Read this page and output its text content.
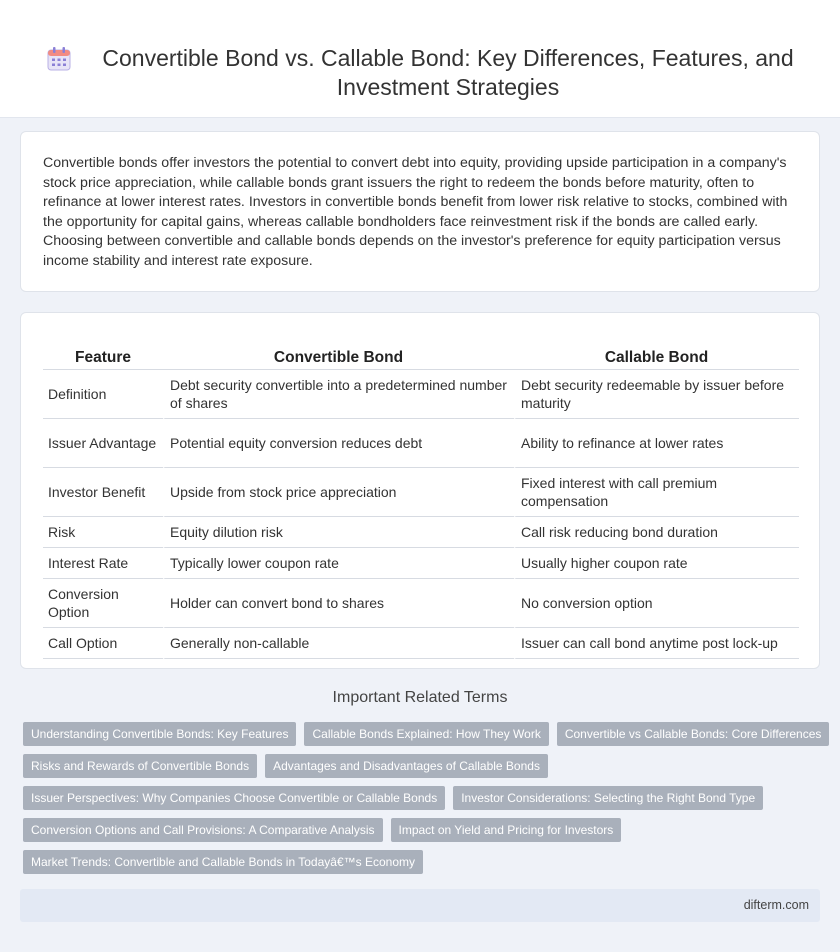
Convertible Bond vs. Callable Bond: Key Differences, Features, and Investment Strategies

Convertible bonds offer investors the potential to convert debt into equity, providing upside participation in a company's stock price appreciation, while callable bonds grant issuers the right to redeem the bonds before maturity, often to refinance at lower interest rates. Investors in convertible bonds benefit from lower risk relative to stocks, combined with the opportunity for capital gains, whereas callable bondholders face reinvestment risk if the bonds are called early. Choosing between convertible and callable bonds depends on the investor's preference for equity participation versus income stability and interest rate exposure.

Feature	Convertible Bond	Callable Bond
Definition	Debt security convertible into a predetermined number of shares	Debt security redeemable by issuer before maturity
Issuer Advantage	Potential equity conversion reduces debt	Ability to refinance at lower rates
Investor Benefit	Upside from stock price appreciation	Fixed interest with call premium compensation
Risk	Equity dilution risk	Call risk reducing bond duration
Interest Rate	Typically lower coupon rate	Usually higher coupon rate
Conversion Option	Holder can convert bond to shares	No conversion option
Call Option	Generally non-callable	Issuer can call bond anytime post lock-up
Important Related Terms
Understanding Convertible Bonds: Key Features	Callable Bonds Explained: How They Work	Convertible vs Callable Bonds: Core Differences
Risks and Rewards of Convertible Bonds	Advantages and Disadvantages of Callable Bonds
Issuer Perspectives: Why Companies Choose Convertible or Callable Bonds	Investor Considerations: Selecting the Right Bond Type
Conversion Options and Call Provisions: A Comparative Analysis	Impact on Yield and Pricing for Investors
Market Trends: Convertible and Callable Bonds in Todayâ€™s Economy
difterm.com
